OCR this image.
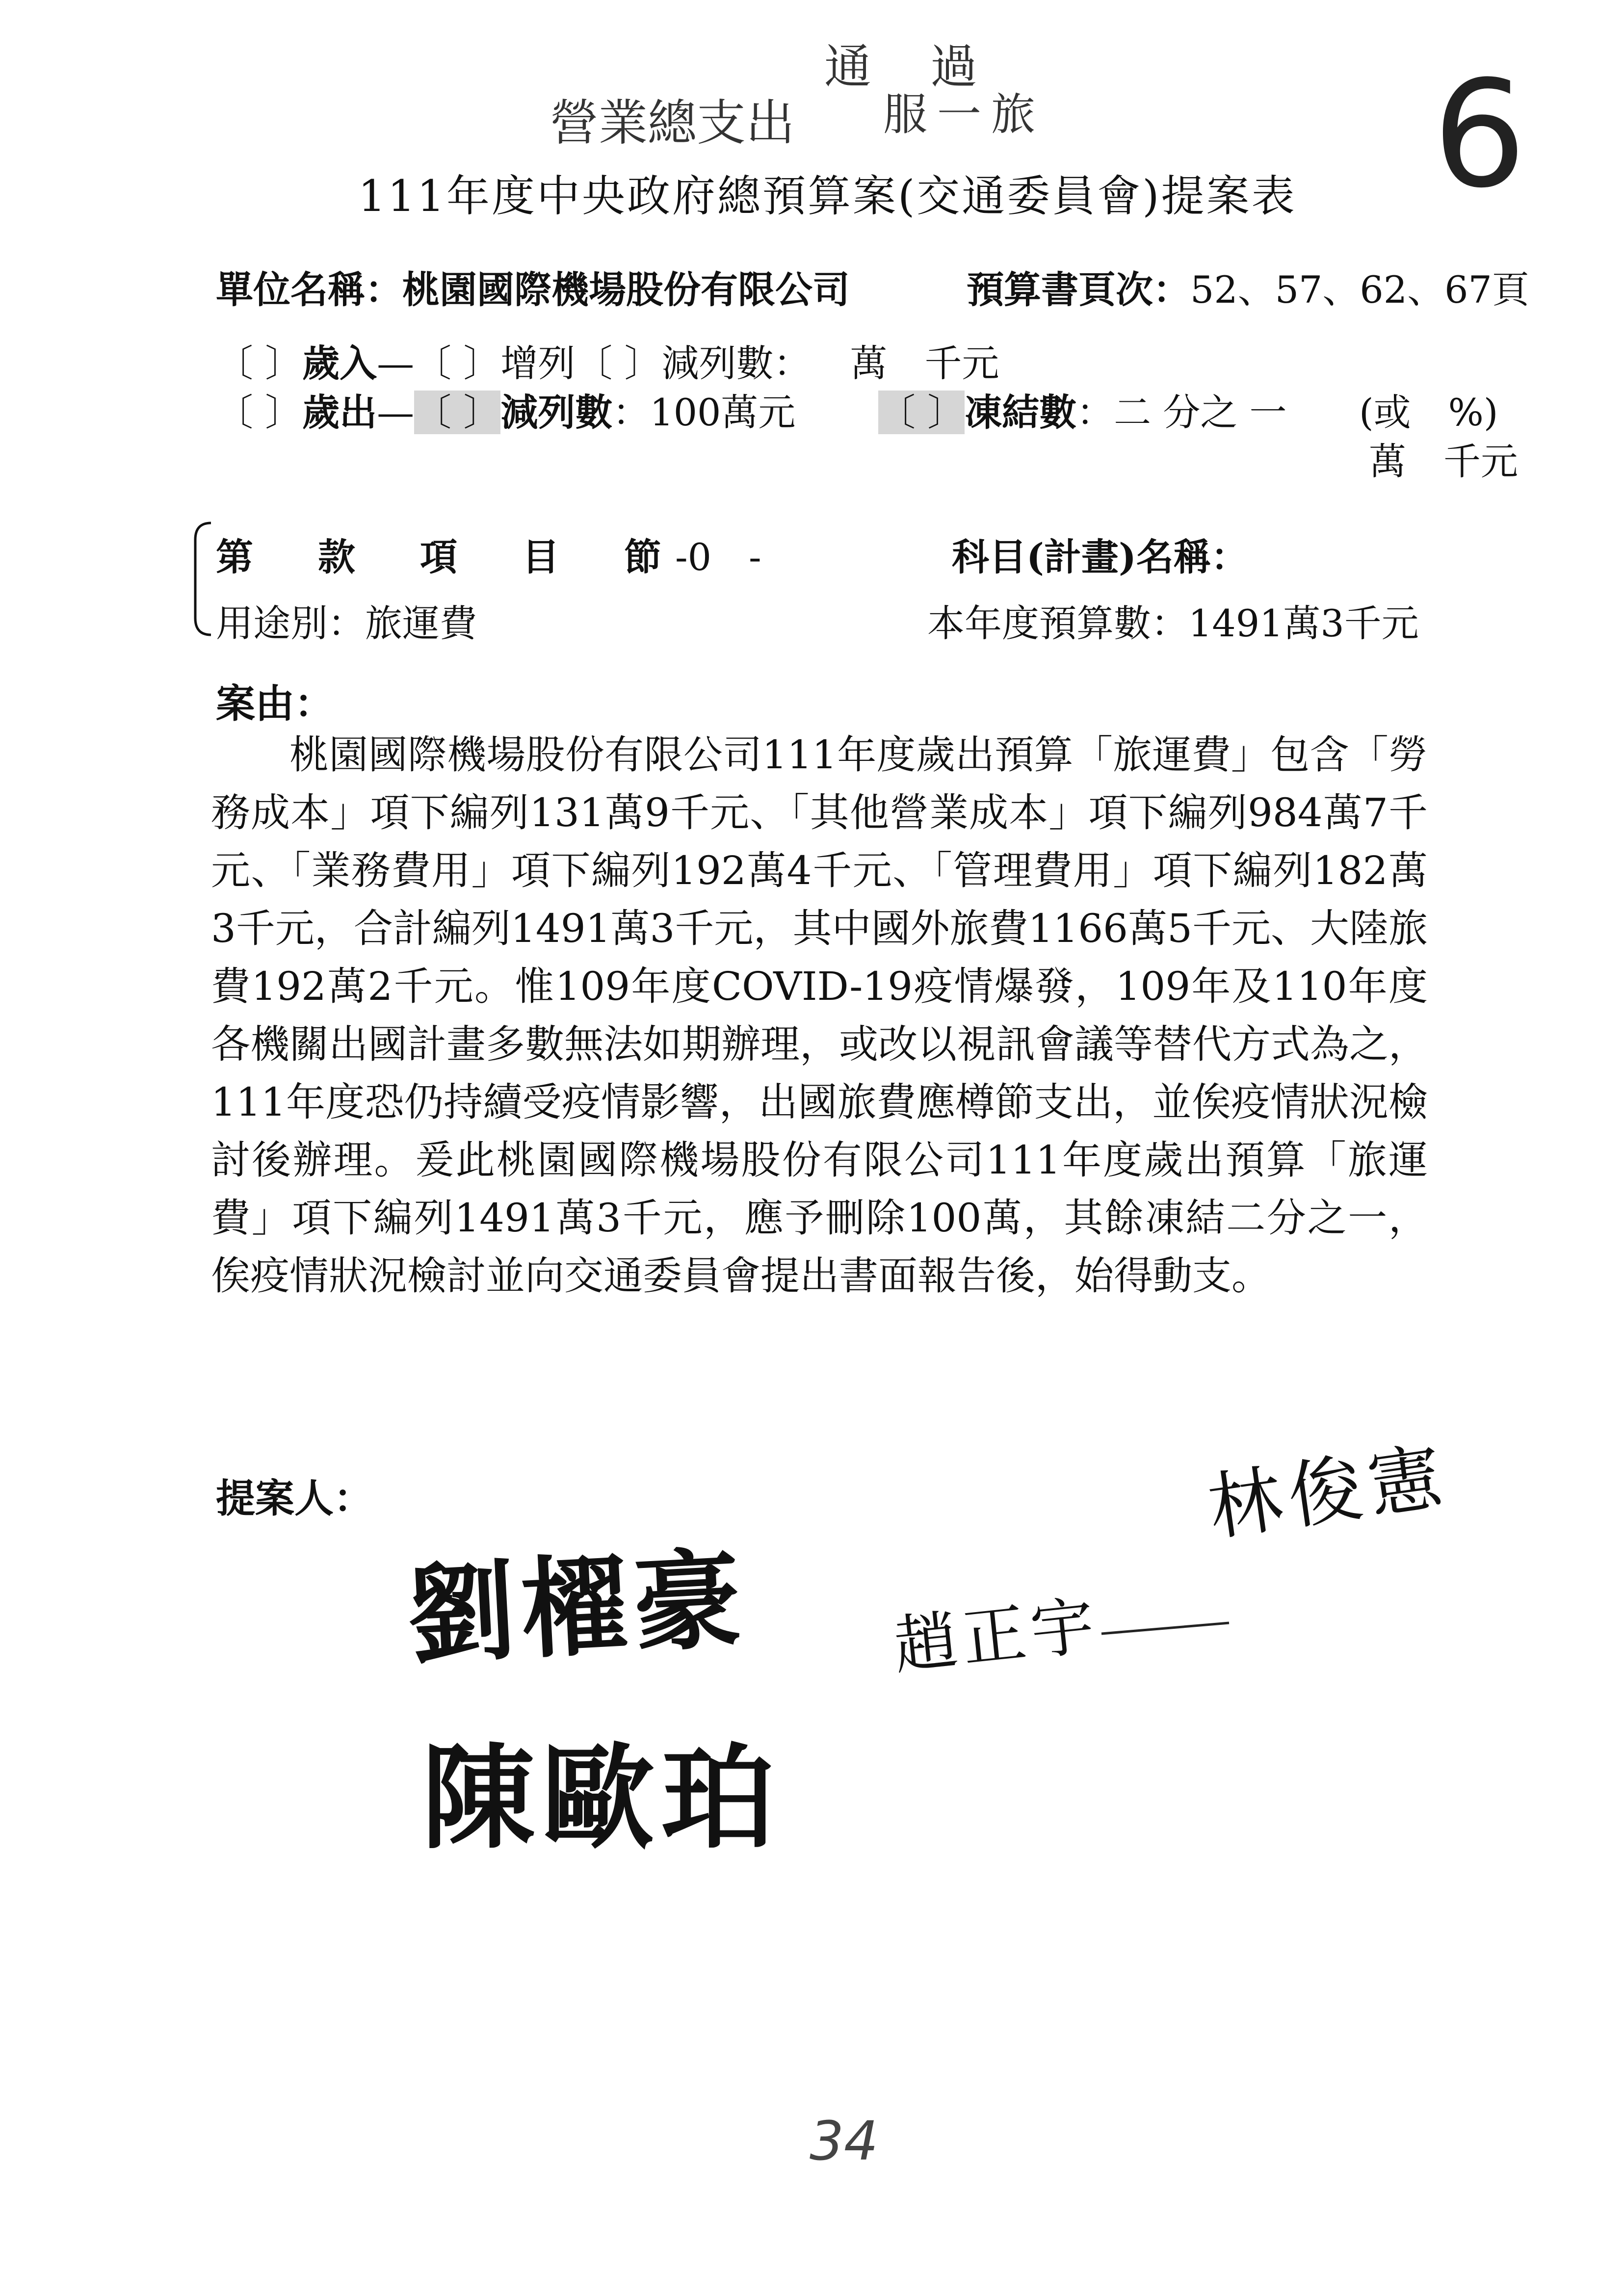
營業總支出
通過
服一旅	6
111年度中央政府總預算案(交通委員會)提案表
單位名稱：桃園國際機場股份有限公司	預算書頁次：52、57、62、67頁
〔 〕歲入—〔 〕增列〔 〕減列數： 萬　千元
〔 〕歲出—〔 〕減列數：100萬元 〔 〕凍結數：二 分之 一 (或　%)
萬　千元
第　款　項　目　節-0　-	科目(計畫)名稱：
用途別：旅運費	本年度預算數：1491萬3千元
案由：

桃園國際機場股份有限公司111年度歲出預算「旅運費」包含「勞務成本」項下編列131萬9千元、「其他營業成本」項下編列984萬7千元、「業務費用」項下編列192萬4千元、「管理費用」項下編列182萬3千元，合計編列1491萬3千元，其中國外旅費1166萬5千元、大陸旅費192萬2千元。惟109年度COVID-19疫情爆發，109年及110年度各機關出國計畫多數無法如期辦理，或改以視訊會議等替代方式為之，111年度恐仍持續受疫情影響，出國旅費應樽節支出，並俟疫情狀況檢討後辦理。爰此桃園國際機場股份有限公司111年度歲出預算「旅運費」項下編列1491萬3千元，應予刪除100萬，其餘凍結二分之一，俟疫情狀況檢討並向交通委員會提出書面報告後，始得動支。

提案人：
劉櫂豪 趙正宇
林俊憲
陳歐珀
34
